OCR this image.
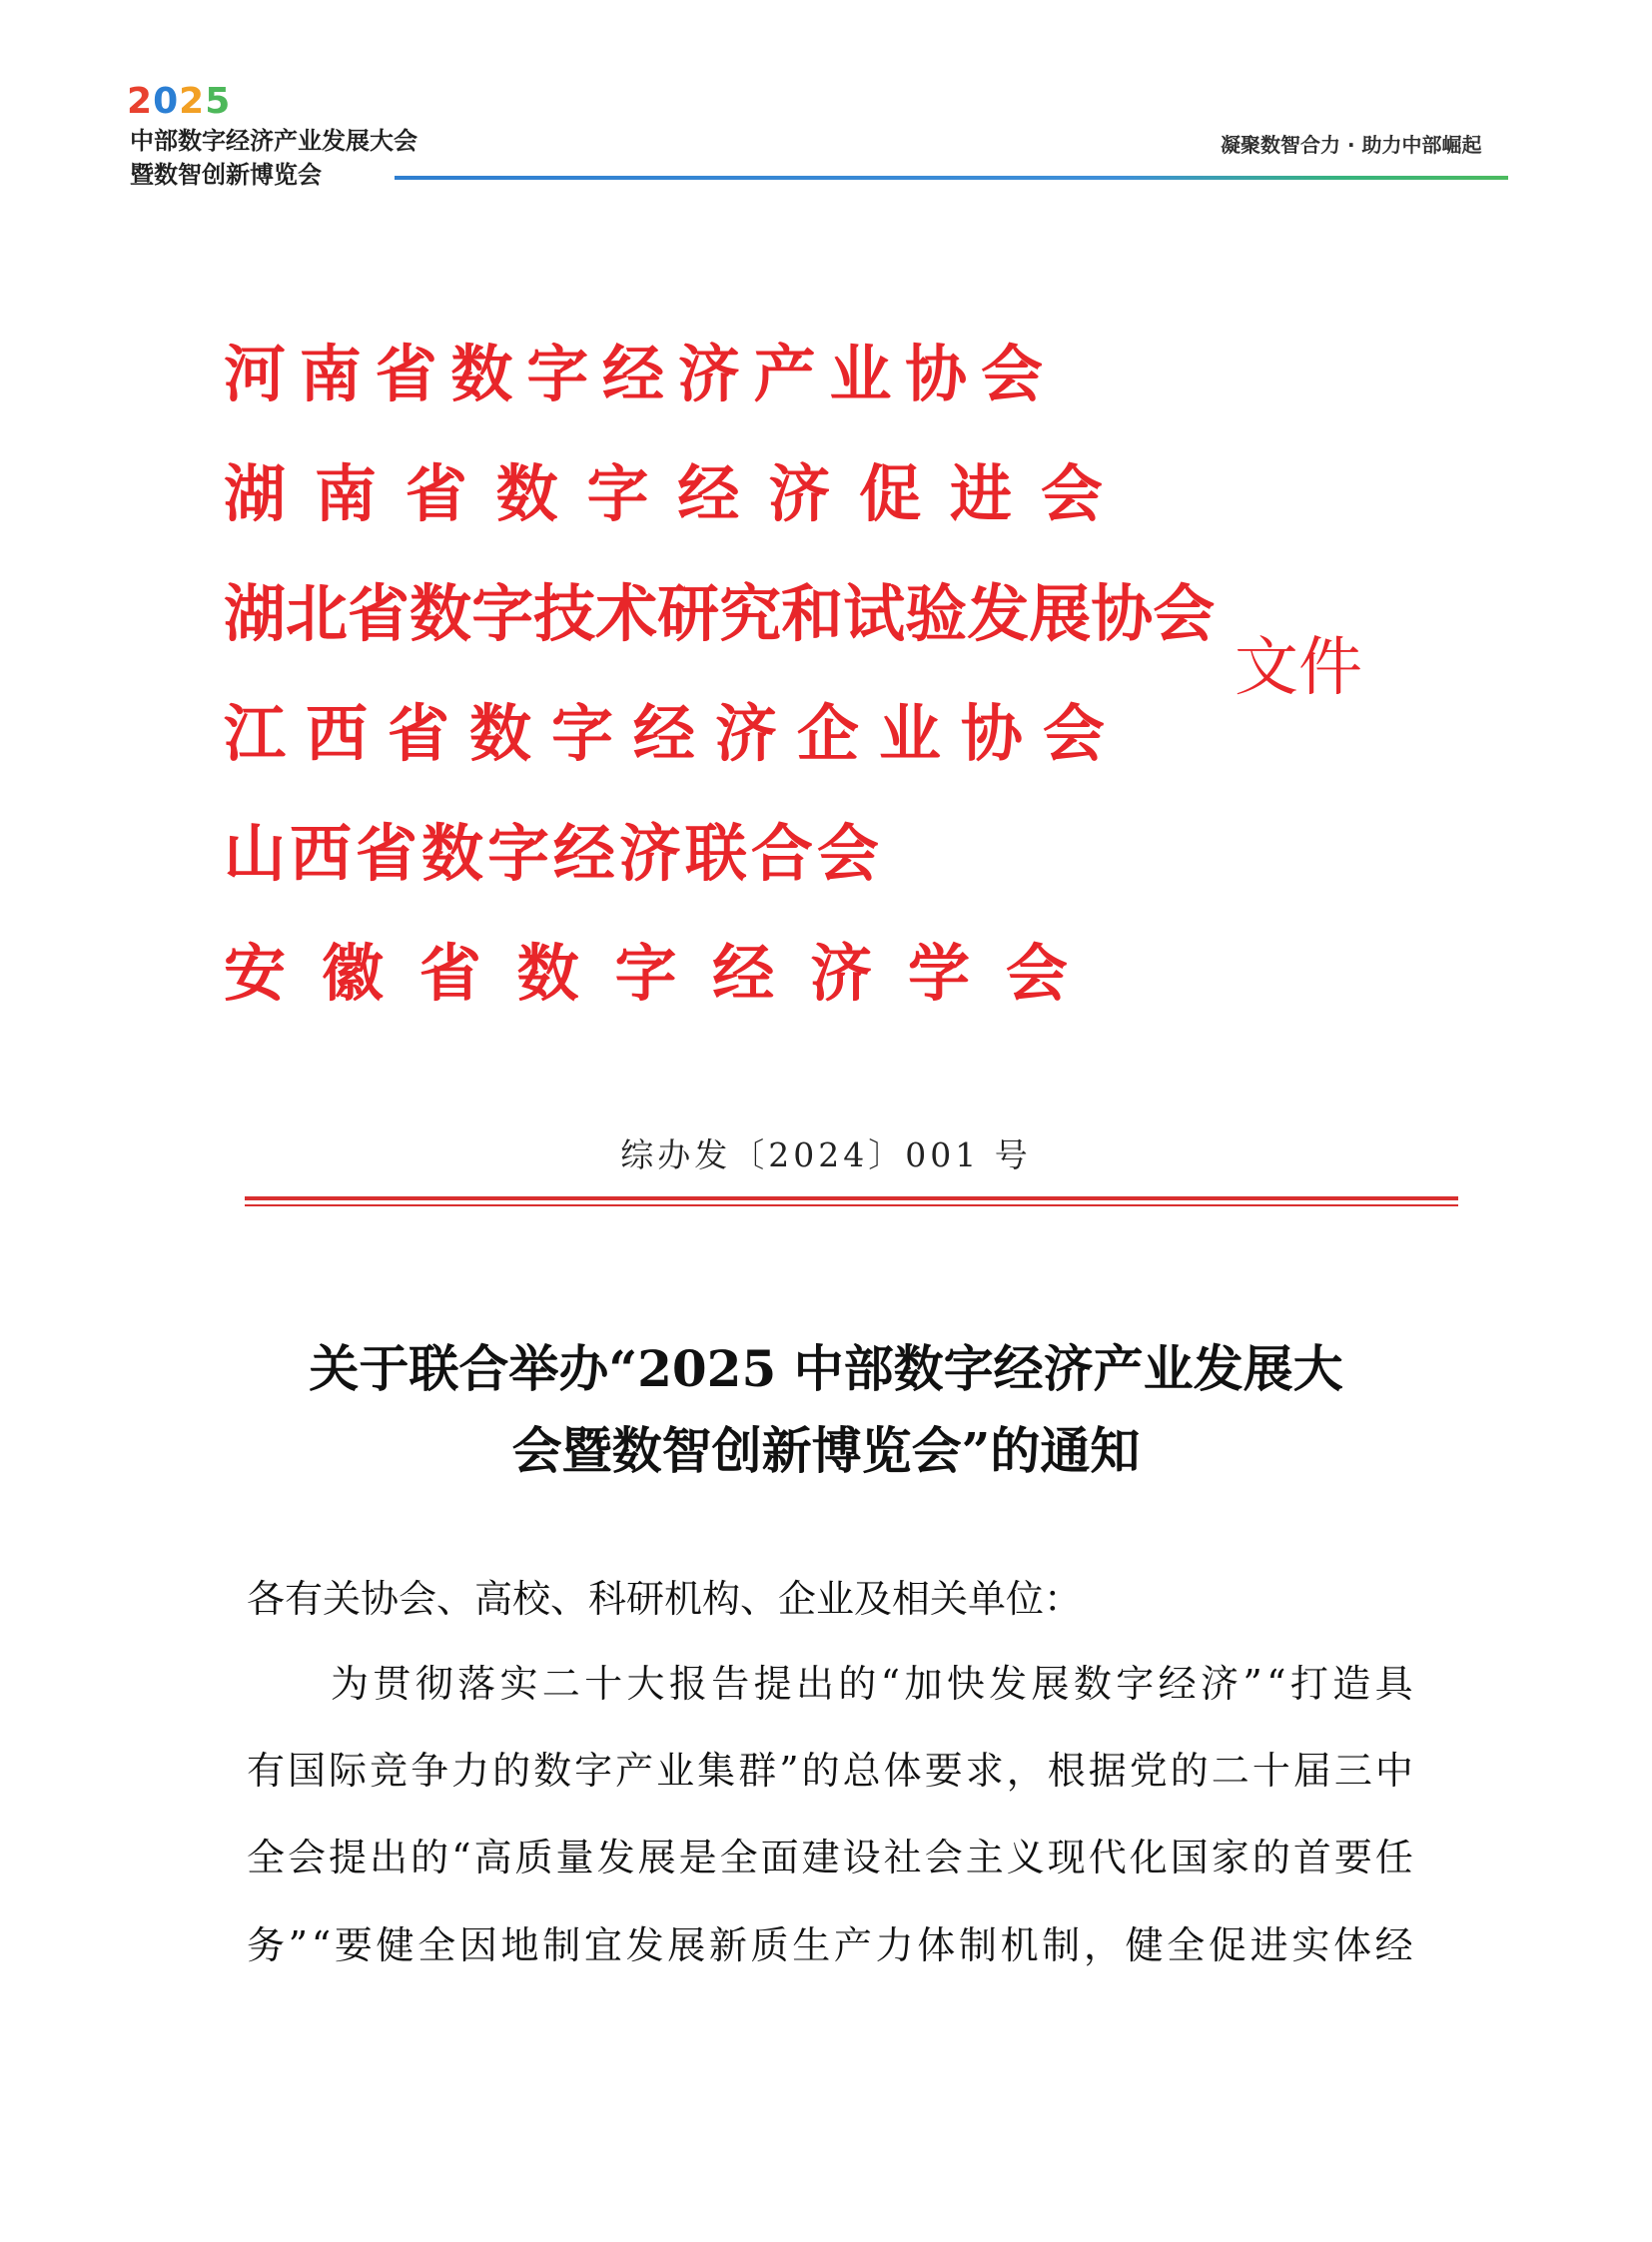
2025
中部数字经济产业发展大会
暨数智创新博览会
凝聚数智合力 · 助力中部崛起
河 南 省 数 字 经 济 产 业 协 会
湖 南 省 数 字 经 济 促 进 会
湖 北 省 数 字 技 术 研 究 和 试 验 发 展 协 会
江 西 省 数 字 经 济 企 业 协 会
山 西 省 数 字 经 济 联 合 会
安 徽 省 数 字 经 济 学 会
文件
综办发〔2024〕001 号
关于联合举办“2025 中部数字经济产业发展大
会暨数智创新博览会”的通知
各有关协会、高校、科研机构、企业及相关单位：
为 贯 彻 落 实 二 十 大 报 告 提 出 的 “ 加 快 发 展 数 字 经 济 ” “ 打 造 具
有 国 际 竞 争 力 的 数 字 产 业 集 群 ” 的 总 体 要 求 ， 根 据 党 的 二 十 届 三 中
全 会 提 出 的 “ 高 质 量 发 展 是 全 面 建 设 社 会 主 义 现 代 化 国 家 的 首 要 任
务 ” “ 要 健 全 因 地 制 宜 发 展 新 质 生 产 力 体 制 机 制 ， 健 全 促 进 实 体 经
